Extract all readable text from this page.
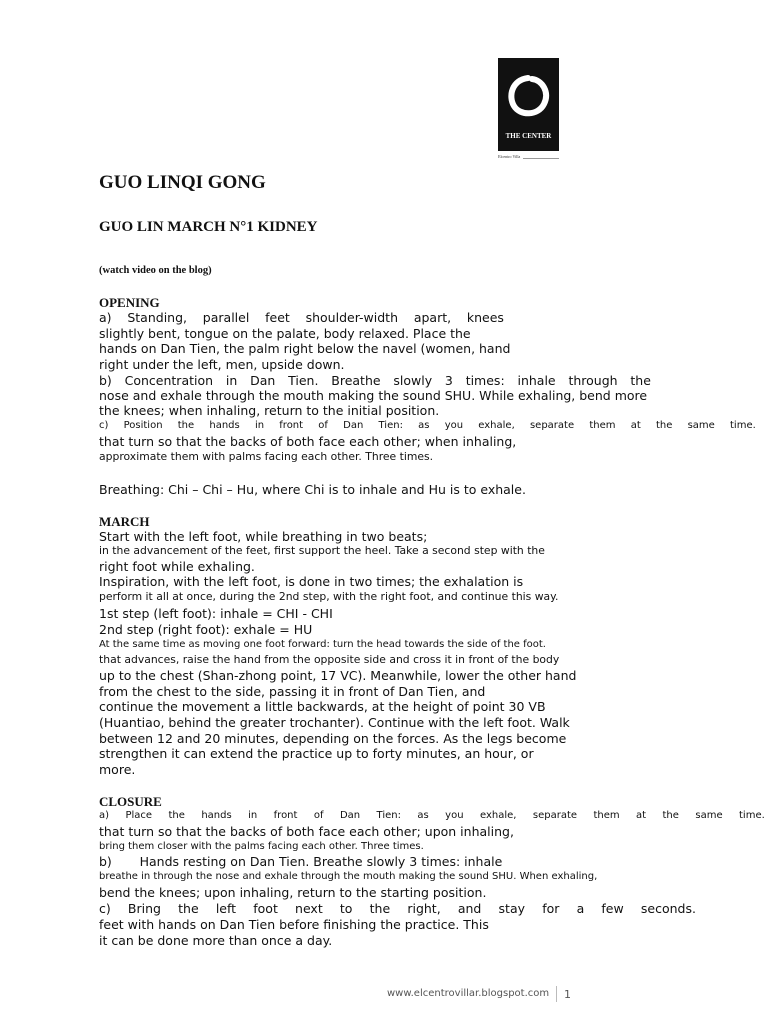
THE CENTER
Elcentro Villa
GUO LINQI GONG
GUO LIN MARCH N°1 KIDNEY
(watch video on the blog)
OPENING
a) Standing, parallel feet shoulder-width apart, knees
slightly bent, tongue on the palate, body relaxed. Place the
hands on Dan Tien, the palm right below the navel (women, hand
right under the left, men, upside down.
b) Concentration in Dan Tien. Breathe slowly 3 times: inhale through the
nose and exhale through the mouth making the sound SHU. While exhaling, bend more
the knees; when inhaling, return to the initial position.
c) Position the hands in front of Dan Tien: as you exhale, separate them at the same time.
that turn so that the backs of both face each other; when inhaling,
approximate them with palms facing each other. Three times.
Breathing: Chi – Chi – Hu, where Chi is to inhale and Hu is to exhale.
MARCH
Start with the left foot, while breathing in two beats;
in the advancement of the feet, first support the heel. Take a second step with the
right foot while exhaling.
Inspiration, with the left foot, is done in two times; the exhalation is
perform it all at once, during the 2nd step, with the right foot, and continue this way.
1st step (left foot): inhale = CHI - CHI
2nd step (right foot): exhale = HU
At the same time as moving one foot forward: turn the head towards the side of the foot.
that advances, raise the hand from the opposite side and cross it in front of the body
up to the chest (Shan-zhong point, 17 VC). Meanwhile, lower the other hand
from the chest to the side, passing it in front of Dan Tien, and
continue the movement a little backwards, at the height of point 30 VB
(Huantiao, behind the greater trochanter). Continue with the left foot. Walk
between 12 and 20 minutes, depending on the forces. As the legs become
strengthen it can extend the practice up to forty minutes, an hour, or
more.
CLOSURE
a) Place the hands in front of Dan Tien: as you exhale, separate them at the same time.
that turn so that the backs of both face each other; upon inhaling,
bring them closer with the palms facing each other. Three times.
b)       Hands resting on Dan Tien. Breathe slowly 3 times: inhale
breathe in through the nose and exhale through the mouth making the sound SHU. When exhaling,
bend the knees; upon inhaling, return to the starting position.
c) Bring the left foot next to the right, and stay for a few seconds.
feet with hands on Dan Tien before finishing the practice. This
it can be done more than once a day.
www.elcentrovillar.blogspot.com 1
